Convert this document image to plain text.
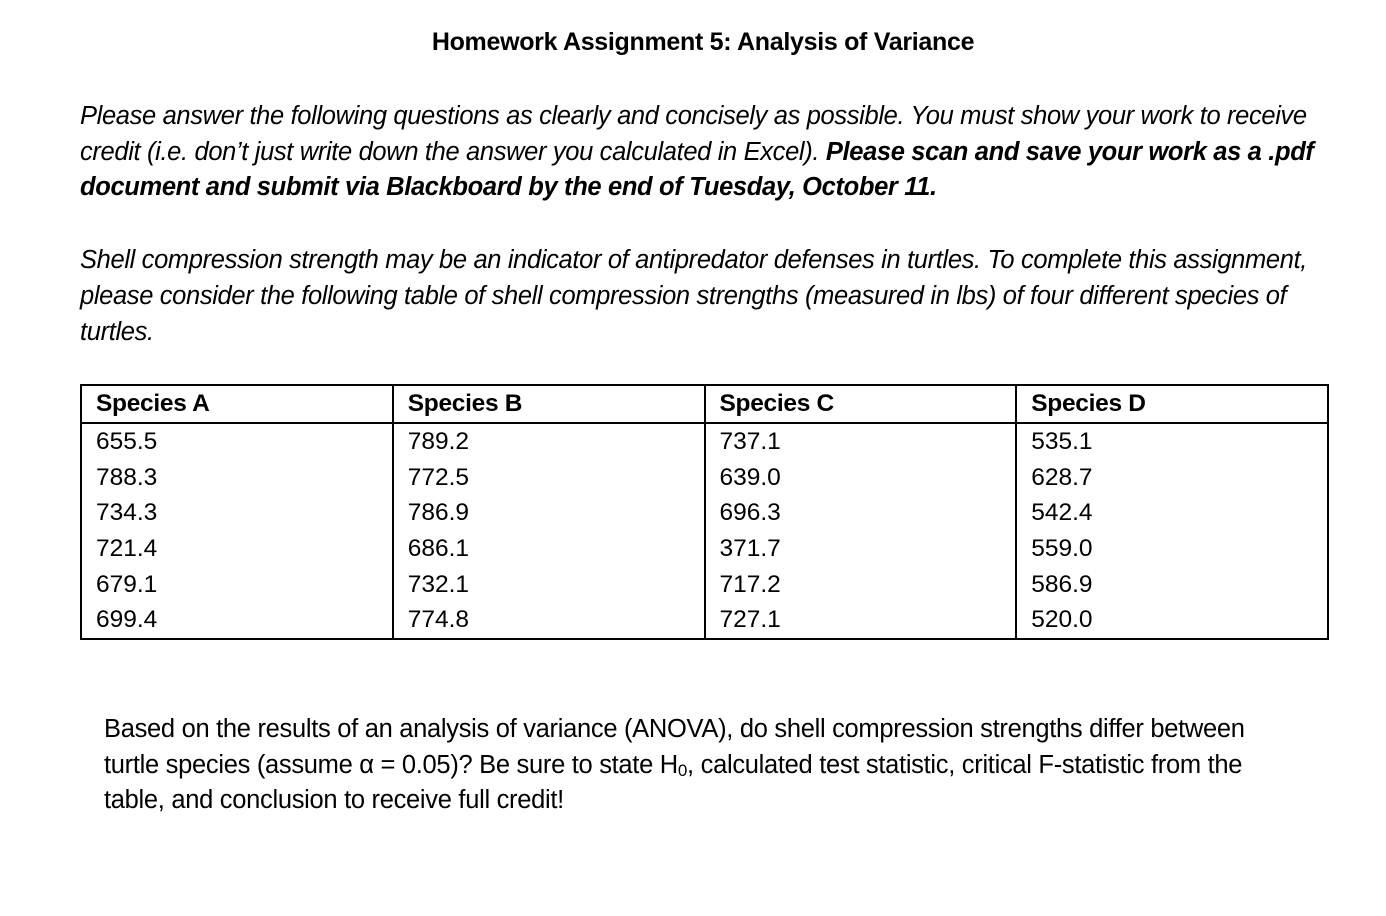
Homework Assignment 5: Analysis of Variance
Please answer the following questions as clearly and concisely as possible. You must show your work to receive credit (i.e. don’t just write down the answer you calculated in Excel). Please scan and save your work as a .pdf document and submit via Blackboard by the end of Tuesday, October 11.
Shell compression strength may be an indicator of antipredator defenses in turtles. To complete this assignment, please consider the following table of shell compression strengths (measured in lbs) of four different species of turtles.
Species A	Species B	Species C	Species D
655.5	789.2	737.1	535.1
788.3	772.5	639.0	628.7
734.3	786.9	696.3	542.4
721.4	686.1	371.7	559.0
679.1	732.1	717.2	586.9
699.4	774.8	727.1	520.0
Based on the results of an analysis of variance (ANOVA), do shell compression strengths differ between turtle species (assume α = 0.05)? Be sure to state $H_0$, calculated test statistic, critical F-statistic from the table, and conclusion to receive full credit!
